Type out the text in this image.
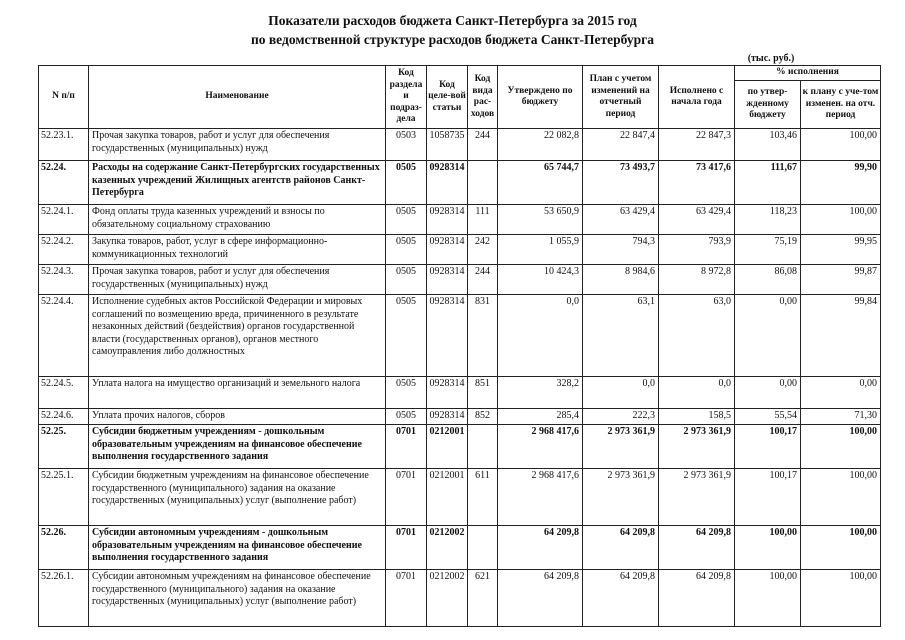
Показатели расходов бюджета Санкт-Петербурга за 2015 год
по ведомственной структуре расходов бюджета Санкт-Петербурга
(тыс. руб.)
N п/п	Наименование	Код раздела и подраз-дела	Код целе-вой статьи	Код вида рас-ходов	Утверждено по бюджету	План с учетом изменений на отчетный период	Исполнено с начала года	% исполнения	
								по утвер-жденному бюджету	к плану с уче-том изменен. на отч. период
52.23.1.	Прочая закупка товаров, работ и услуг для обеспечения государственных (муниципальных) нужд	0503	1058735	244	22 082,8	22 847,4	22 847,3	103,46	100,00
52.24.	Расходы на содержание Санкт-Петербургских государственных казенных учреждений Жилищных агентств районов Санкт-Петербурга	0505	0928314		65 744,7	73 493,7	73 417,6	111,67	99,90
52.24.1.	Фонд оплаты труда казенных учреждений и взносы по обязательному социальному страхованию	0505	0928314	111	53 650,9	63 429,4	63 429,4	118,23	100,00
52.24.2.	Закупка товаров, работ, услуг в сфере информационно-коммуникационных технологий	0505	0928314	242	1 055,9	794,3	793,9	75,19	99,95
52.24.3.	Прочая закупка товаров, работ и услуг для обеспечения государственных (муниципальных) нужд	0505	0928314	244	10 424,3	8 984,6	8 972,8	86,08	99,87
52.24.4.	Исполнение судебных актов Российской Федерации и мировых соглашений по возмещению вреда, причиненного в результате незаконных действий (бездействия) органов государственной власти (государственных органов), органов местного самоуправления либо должностных	0505	0928314	831	0,0	63,1	63,0	0,00	99,84
52.24.5.	Уплата налога на имущество организаций и земельного налога	0505	0928314	851	328,2	0,0	0,0	0,00	0,00
52.24.6.	Уплата прочих налогов, сборов	0505	0928314	852	285,4	222,3	158,5	55,54	71,30
52.25.	Субсидии бюджетным учреждениям - дошкольным образовательным учреждениям на финансовое обеспечение выполнения государственного задания	0701	0212001		2 968 417,6	2 973 361,9	2 973 361,9	100,17	100,00
52.25.1.	Субсидии бюджетным учреждениям на финансовое обеспечение государственного (муниципального) задания на оказание государственных (муниципальных) услуг (выполнение работ)	0701	0212001	611	2 968 417,6	2 973 361,9	2 973 361,9	100,17	100,00
52.26.	Субсидии автономным учреждениям - дошкольным образовательным учреждениям на финансовое обеспечение выполнения государственного задания	0701	0212002		64 209,8	64 209,8	64 209,8	100,00	100,00
52.26.1.	Субсидии автономным учреждениям на финансовое обеспечение государственного (муниципального) задания на оказание государственных (муниципальных) услуг (выполнение работ)	0701	0212002	621	64 209,8	64 209,8	64 209,8	100,00	100,00
